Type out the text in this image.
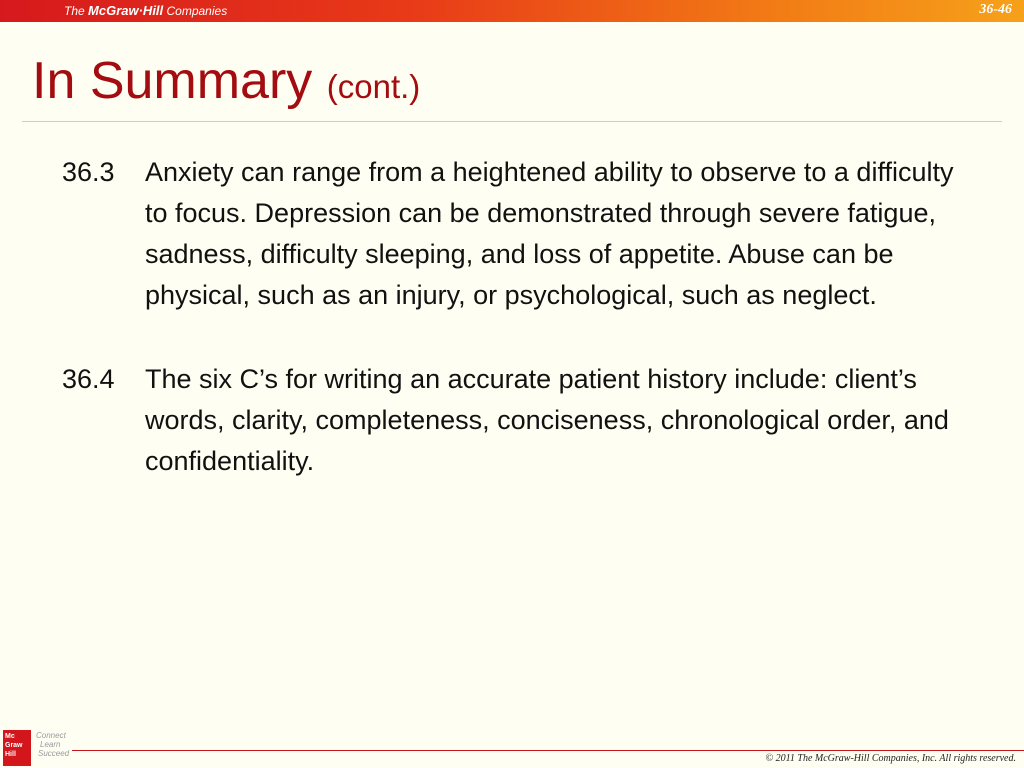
The McGraw·Hill Companies	36-46
In Summary (cont.)
36.3	Anxiety can range from a heightened ability to observe to a difficulty to focus. Depression can be demonstrated through severe fatigue, sadness, difficulty sleeping, and loss of appetite. Abuse can be physical, such as an injury, or psychological, such as neglect.
36.4	The six C’s for writing an accurate patient history include: client’s words, clarity, completeness, conciseness, chronological order, and confidentiality.
Mc
Graw
Hill
Connect
Learn
Succeed	© 2011 The McGraw-Hill Companies, Inc. All rights reserved.
